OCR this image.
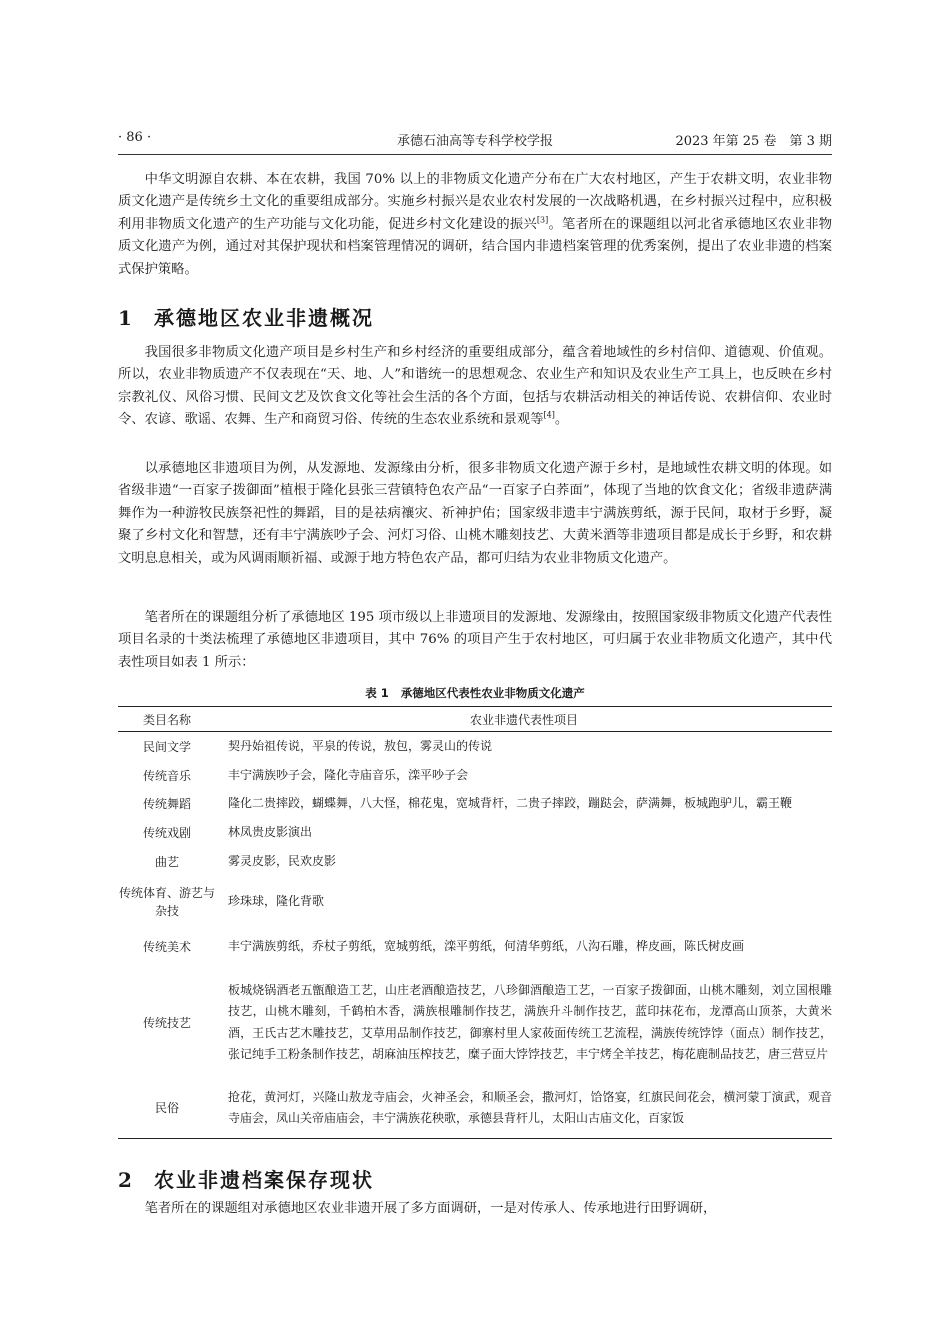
承德石油高等专科学校学报
· 86 ·	2023 年第 25 卷　第 3 期

中华文明源自农耕、本在农耕，我国 70% 以上的非物质文化遗产分布在广大农村地区，产生于农耕文明，农业非物质文化遗产是传统乡土文化的重要组成部分。实施乡村振兴是农业农村发展的一次战略机遇，在乡村振兴过程中，应积极利用非物质文化遗产的生产功能与文化功能，促进乡村文化建设的振兴[3]。笔者所在的课题组以河北省承德地区农业非物质文化遗产为例，通过对其保护现状和档案管理情况的调研，结合国内非遗档案管理的优秀案例，提出了农业非遗的档案式保护策略。

1 承德地区农业非遗概况

我国很多非物质文化遗产项目是乡村生产和乡村经济的重要组成部分，蕴含着地域性的乡村信仰、道德观、价值观。所以，农业非物质遗产不仅表现在“天、地、人”和谐统一的思想观念、农业生产和知识及农业生产工具上，也反映在乡村宗教礼仪、风俗习惯、民间文艺及饮食文化等社会生活的各个方面，包括与农耕活动相关的神话传说、农耕信仰、农业时令、农谚、歌谣、农舞、生产和商贸习俗、传统的生态农业系统和景观等[4]。

以承德地区非遗项目为例，从发源地、发源缘由分析，很多非物质文化遗产源于乡村，是地域性农耕文明的体现。如省级非遗“一百家子拨御面”植根于隆化县张三营镇特色农产品“一百家子白荞面”，体现了当地的饮食文化；省级非遗萨满舞作为一种游牧民族祭祀性的舞蹈，目的是祛病禳灾、祈神护佑；国家级非遗丰宁满族剪纸，源于民间，取材于乡野，凝聚了乡村文化和智慧，还有丰宁满族吵子会、河灯习俗、山桃木雕刻技艺、大黄米酒等非遗项目都是成长于乡野，和农耕文明息息相关，或为风调雨顺祈福、或源于地方特色农产品，都可归结为农业非物质文化遗产。

笔者所在的课题组分析了承德地区 195 项市级以上非遗项目的发源地、发源缘由，按照国家级非物质文化遗产代表性项目名录的十类法梳理了承德地区非遗项目，其中 76% 的项目产生于农村地区，可归属于农业非物质文化遗产，其中代表性项目如表 1 所示：

表 1 承德地区代表性农业非物质文化遗产
类目名称	农业非遗代表性项目
民间文学	契丹始祖传说，平泉的传说，敖包，雾灵山的传说
传统音乐	丰宁满族吵子会，隆化寺庙音乐，滦平吵子会
传统舞蹈	隆化二贵摔跤，蝴蝶舞，八大怪，棉花鬼，宽城背杆，二贵子摔跤，蹦跶会，萨满舞，板城跑驴儿，霸王鞭
传统戏剧	林凤贵皮影演出
曲艺	雾灵皮影，民欢皮影
传统体育、游艺与杂技	珍珠球，隆化背歌
传统美术	丰宁满族剪纸，乔杖子剪纸，宽城剪纸，滦平剪纸，何清华剪纸，八沟石雕，桦皮画，陈氏树皮画
传统技艺	板城烧锅酒老五甑酿造工艺，山庄老酒酿造技艺，八珍御酒酿造工艺，一百家子拨御面，山桃木雕刻，刘立国根雕技艺，山桃木雕刻，千鹤柏木香，满族根雕制作技艺，满族升斗制作技艺，蓝印抹花布，龙潭高山顶茶，大黄米酒，王氏古艺木雕技艺，艾草用品制作技艺，御寨村里人家莜面传统工艺流程，满族传统饽饽（面点）制作技艺，张记纯手工粉条制作技艺，胡麻油压榨技艺，糜子面大饽饽技艺，丰宁烤全羊技艺，梅花鹿制品技艺，唐三营豆片
民俗	抢花，黄河灯，兴隆山敖龙寺庙会，火神圣会，和顺圣会，撒河灯，饸饹宴，红旗民间花会，横河蒙丁演武，观音寺庙会，凤山关帝庙庙会，丰宁满族花秧歌，承德县背杆儿，太阳山古庙文化，百家饭
2 农业非遗档案保存现状

笔者所在的课题组对承德地区农业非遗开展了多方面调研，一是对传承人、传承地进行田野调研，
